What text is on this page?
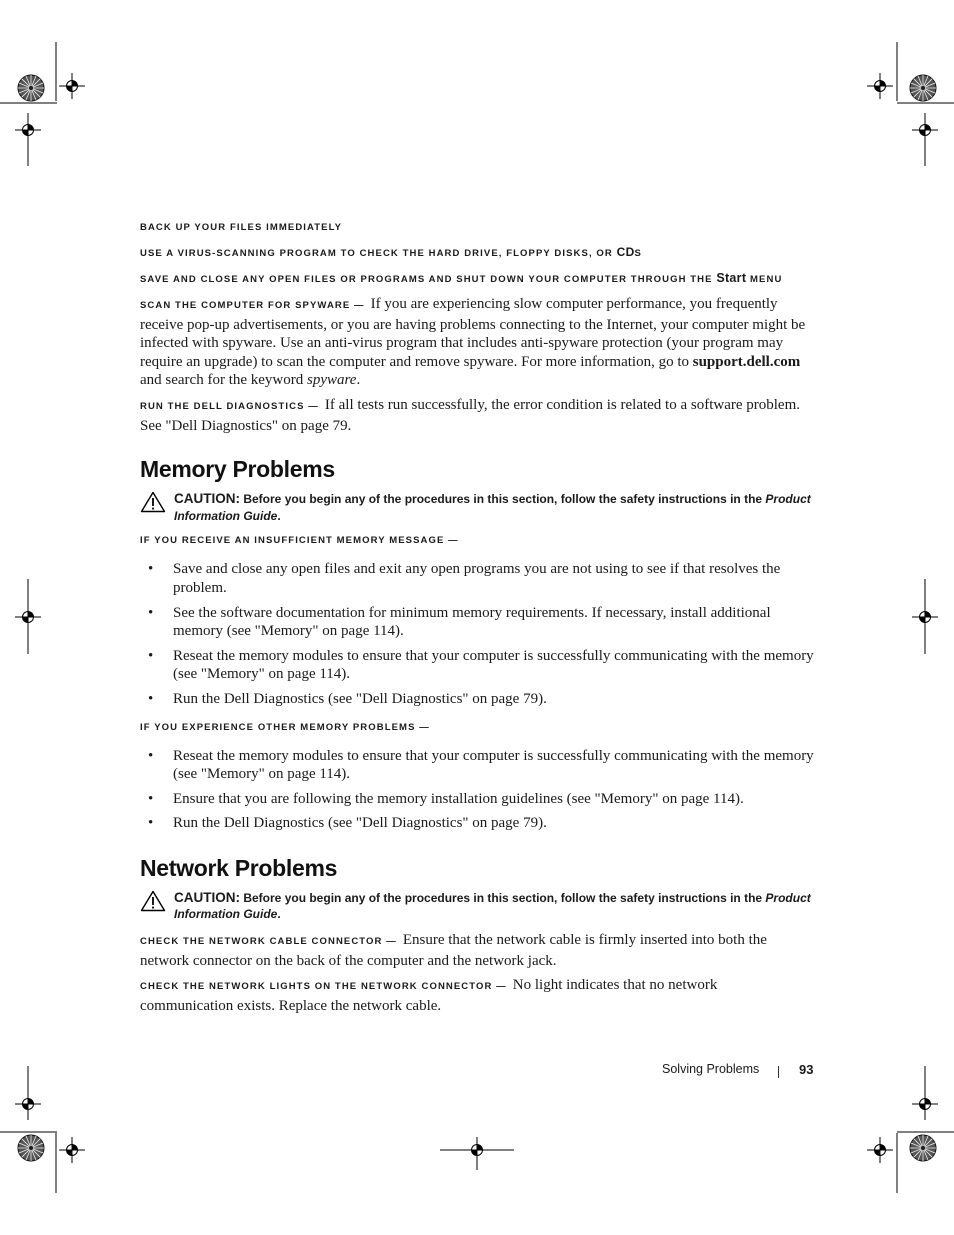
BACK UP YOUR FILES IMMEDIATELY

USE A VIRUS-SCANNING PROGRAM TO CHECK THE HARD DRIVE, FLOPPY DISKS, OR CDS

SAVE AND CLOSE ANY OPEN FILES OR PROGRAMS AND SHUT DOWN YOUR COMPUTER THROUGH THE Start MENU

SCAN THE COMPUTER FOR SPYWARE — If you are experiencing slow computer performance, you frequently receive pop-up advertisements, or you are having problems connecting to the Internet, your computer might be infected with spyware. Use an anti-virus program that includes anti-spyware protection (your program may require an upgrade) to scan the computer and remove spyware. For more information, go to support.dell.com and search for the keyword spyware.

RUN THE DELL DIAGNOSTICS — If all tests run successfully, the error condition is related to a software problem. See "Dell Diagnostics" on page 79.

Memory Problems
CAUTION: Before you begin any of the procedures in this section, follow the safety instructions in the Product Information Guide.

IF YOU RECEIVE AN INSUFFICIENT MEMORY MESSAGE —

• Save and close any open files and exit any open programs you are not using to see if that resolves the problem.
• See the software documentation for minimum memory requirements. If necessary, install additional memory (see "Memory" on page 114).
• Reseat the memory modules to ensure that your computer is successfully communicating with the memory (see "Memory" on page 114).
• Run the Dell Diagnostics (see "Dell Diagnostics" on page 79).

IF YOU EXPERIENCE OTHER MEMORY PROBLEMS —

• Reseat the memory modules to ensure that your computer is successfully communicating with the memory (see "Memory" on page 114).
• Ensure that you are following the memory installation guidelines (see "Memory" on page 114).
• Run the Dell Diagnostics (see "Dell Diagnostics" on page 79).
Network Problems
CAUTION: Before you begin any of the procedures in this section, follow the safety instructions in the Product Information Guide.

CHECK THE NETWORK CABLE CONNECTOR — Ensure that the network cable is firmly inserted into both the network connector on the back of the computer and the network jack.

CHECK THE NETWORK LIGHTS ON THE NETWORK CONNECTOR — No light indicates that no network communication exists. Replace the network cable.

Solving Problems	93
